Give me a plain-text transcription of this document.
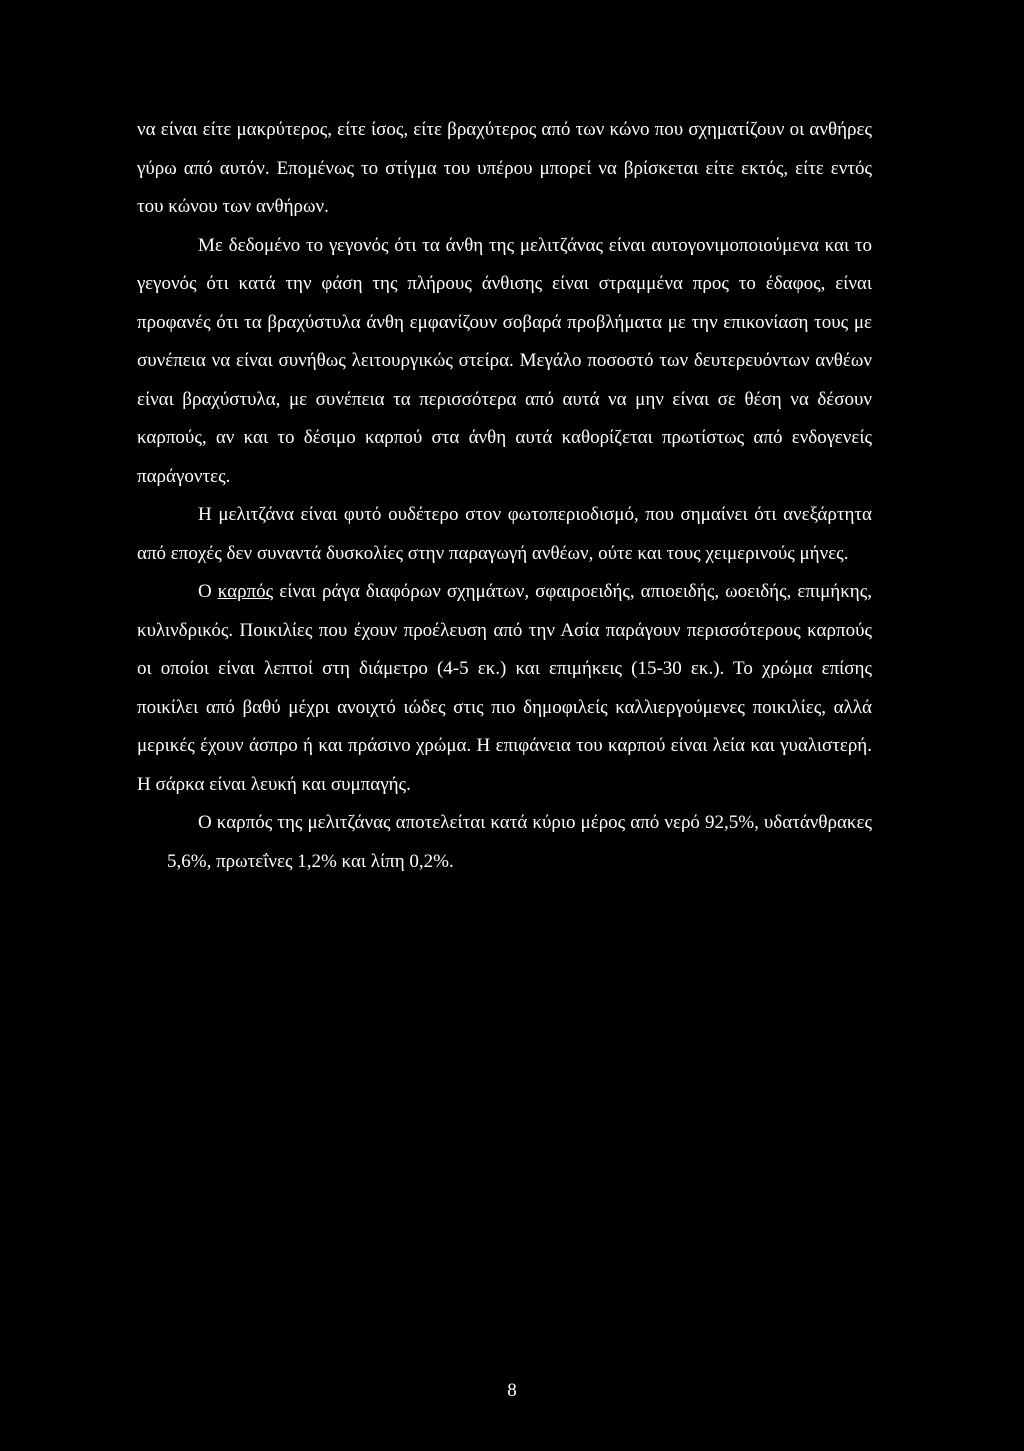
να είναι είτε μακρύτερος, είτε ίσος, είτε βραχύτερος από των κώνο που σχηματίζουν οι ανθήρες γύρω από αυτόν. Επομένως το στίγμα του υπέρου μπορεί να βρίσκεται είτε εκτός, είτε εντός του κώνου των ανθήρων.

Με δεδομένο το γεγονός ότι τα άνθη της μελιτζάνας είναι αυτογονιμοποιούμενα και το γεγονός ότι κατά την φάση της πλήρους άνθισης είναι στραμμένα προς το έδαφος, είναι προφανές ότι τα βραχύστυλα άνθη εμφανίζουν σοβαρά προβλήματα με την επικονίαση τους με συνέπεια να είναι συνήθως λειτουργικώς στείρα. Μεγάλο ποσοστό των δευτερευόντων ανθέων είναι βραχύστυλα, με συνέπεια τα περισσότερα από αυτά να μην είναι σε θέση να δέσουν καρπούς, αν και το δέσιμο καρπού στα άνθη αυτά καθορίζεται πρωτίστως από ενδογενείς παράγοντες.

Η μελιτζάνα είναι φυτό ουδέτερο στον φωτοπεριοδισμό, που σημαίνει ότι ανεξάρτητα από εποχές δεν συναντά δυσκολίες στην παραγωγή ανθέων, ούτε και τους χειμερινούς μήνες.

Ο καρπός είναι ράγα διαφόρων σχημάτων, σφαιροειδής, απιοειδής, ωοειδής, επιμήκης, κυλινδρικός. Ποικιλίες που έχουν προέλευση από την Ασία παράγουν περισσότερους καρπούς οι οποίοι είναι λεπτοί στη διάμετρο (4-5 εκ.) και επιμήκεις (15-30 εκ.). Το χρώμα επίσης ποικίλει από βαθύ μέχρι ανοιχτό ιώδες στις πιο δημοφιλείς καλλιεργούμενες ποικιλίες, αλλά μερικές έχουν άσπρο ή και πράσινο χρώμα. Η επιφάνεια του καρπού είναι λεία και γυαλιστερή. Η σάρκα είναι λευκή και συμπαγής.

Ο καρπός της μελιτζάνας αποτελείται κατά κύριο μέρος από νερό 92,5%, υδατάνθρακες 5,6%, πρωτεΐνες 1,2% και λίπη 0,2%.

8
